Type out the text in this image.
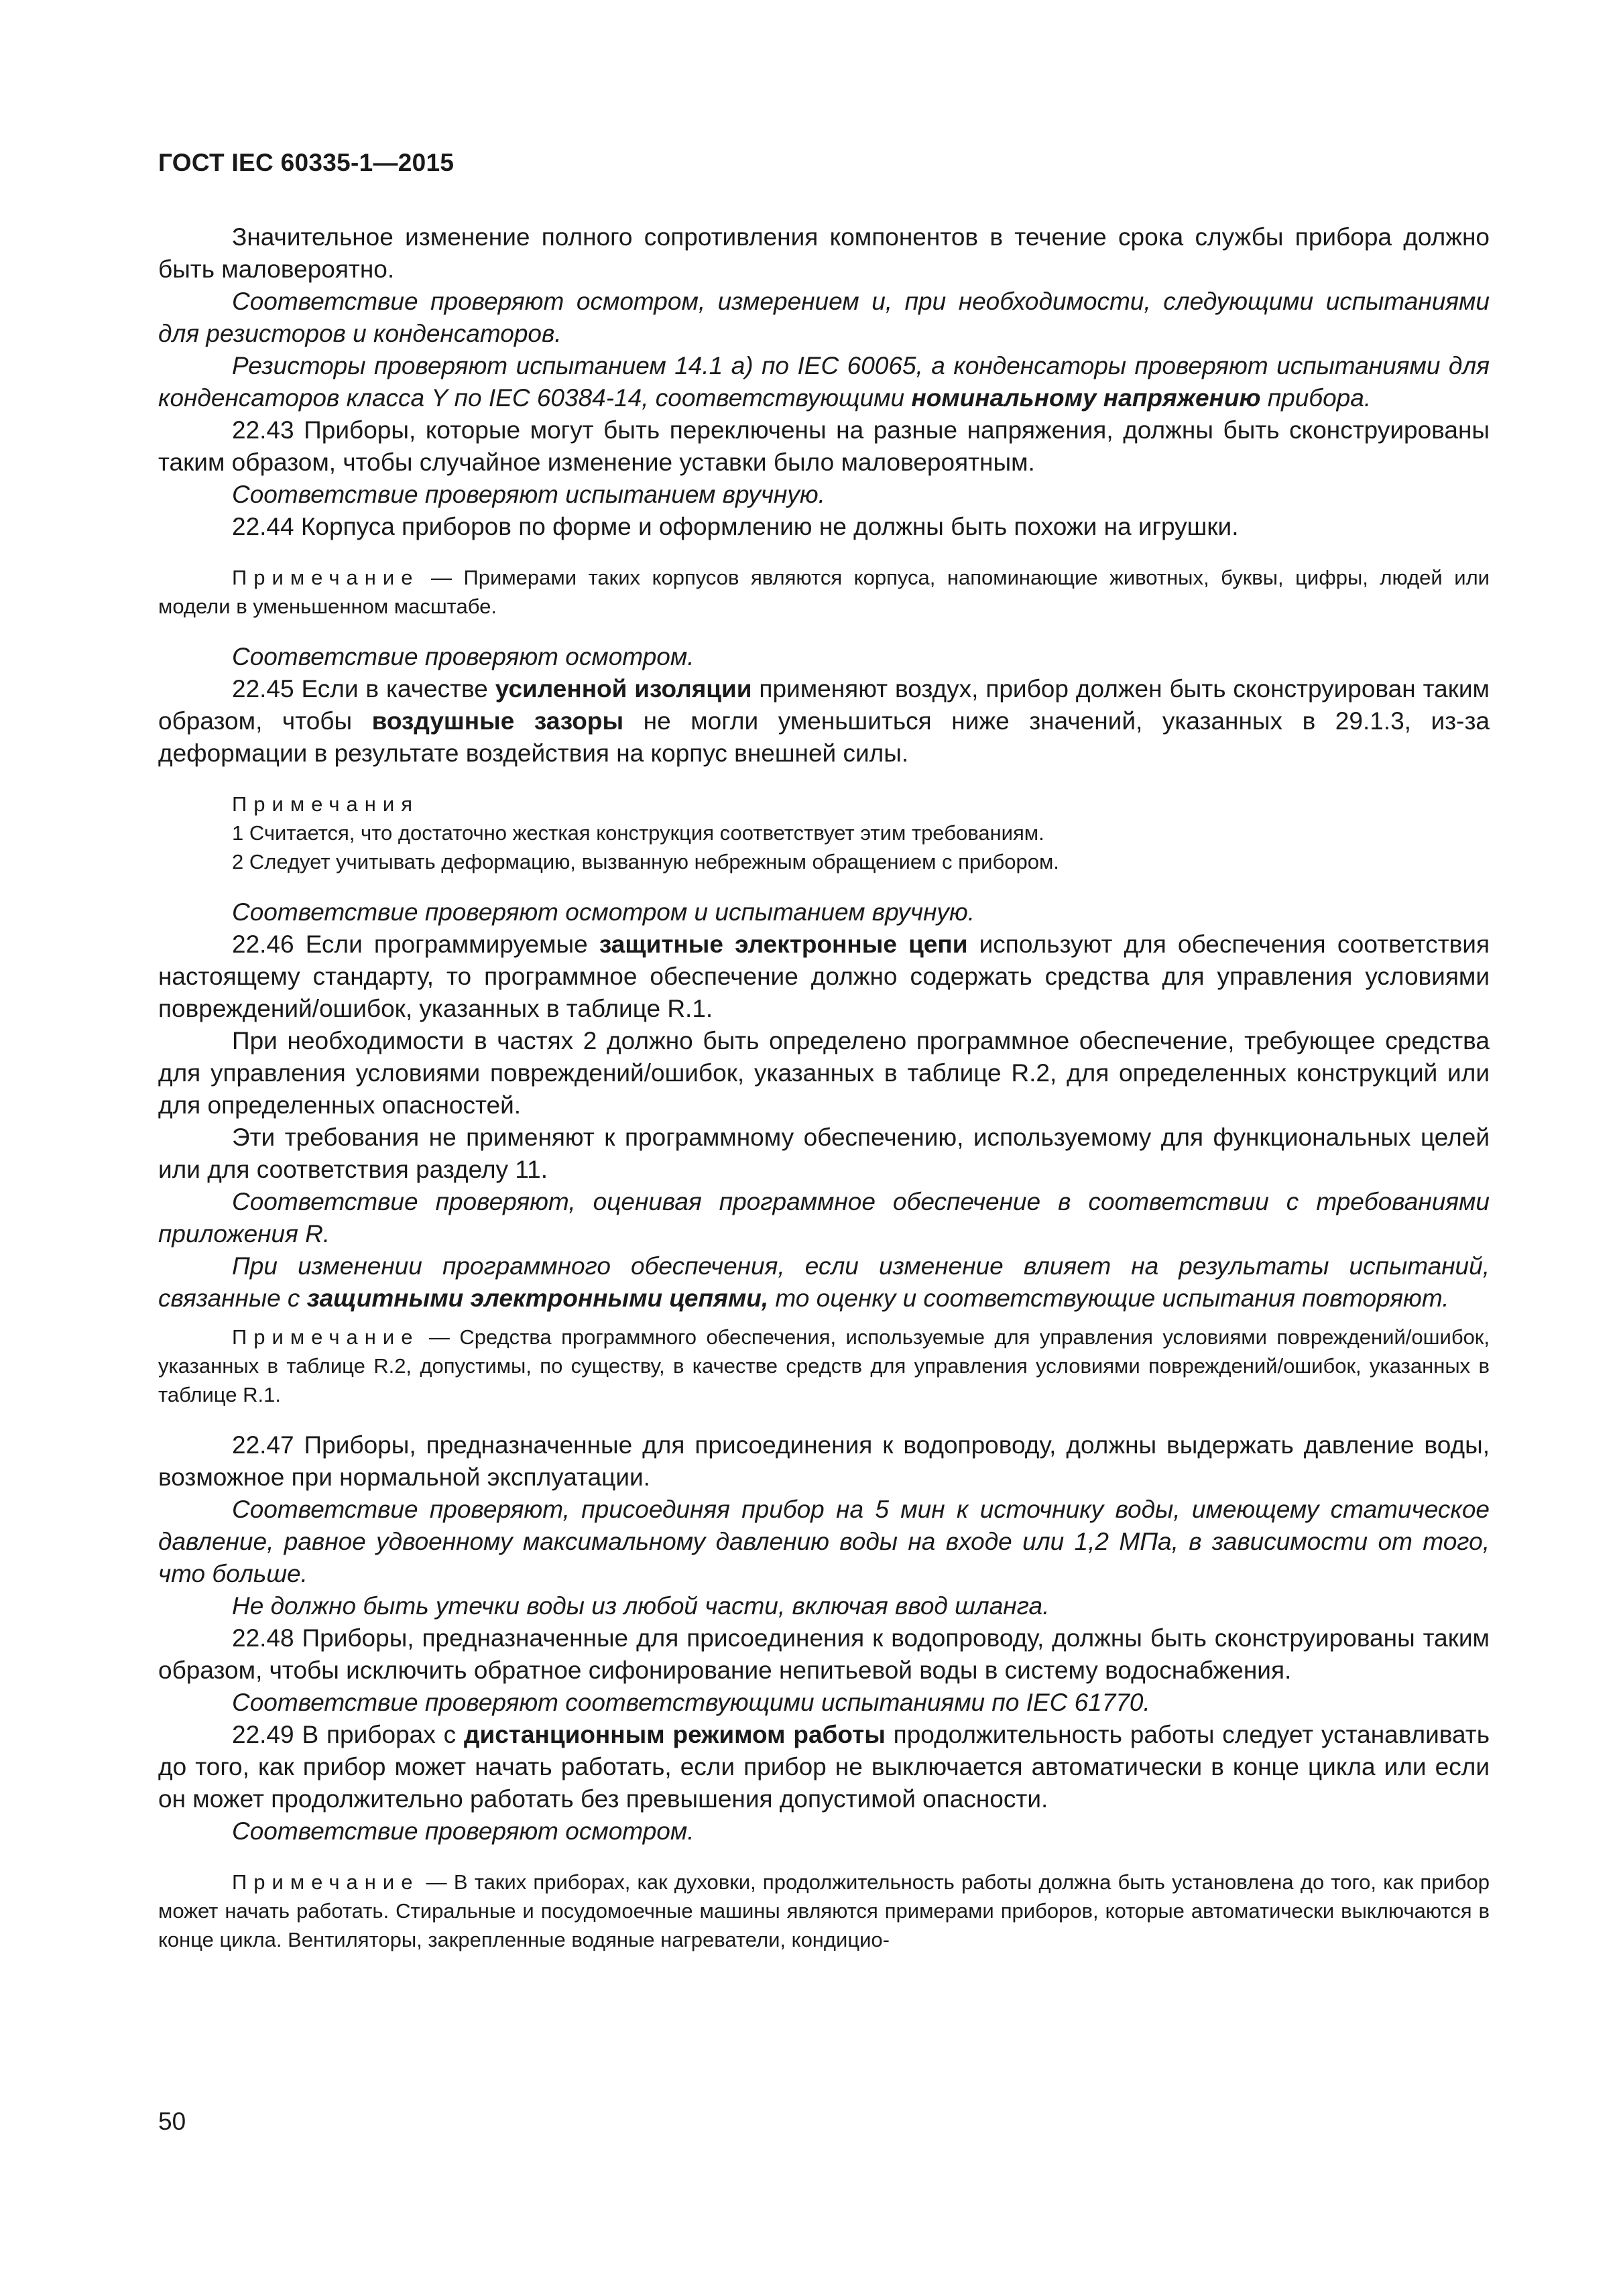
ГОСТ IEC 60335-1—2015

Значительное изменение полного сопротивления компонентов в течение срока службы прибора должно быть маловероятно.

Соответствие проверяют осмотром, измерением и, при необходимости, следующими испытаниями для резисторов и конденсаторов.

Резисторы проверяют испытанием 14.1 а) по IEC 60065, а конденсаторы проверяют испытаниями для конденсаторов класса Y по IEC 60384-14, соответствующими номинальному напряжению прибора.

22.43 Приборы, которые могут быть переключены на разные напряжения, должны быть сконструированы таким образом, чтобы случайное изменение уставки было маловероятным.

Соответствие проверяют испытанием вручную.

22.44 Корпуса приборов по форме и оформлению не должны быть похожи на игрушки.

Примечание — Примерами таких корпусов являются корпуса, напоминающие животных, буквы, цифры, людей или модели в уменьшенном масштабе.

Соответствие проверяют осмотром.

22.45 Если в качестве усиленной изоляции применяют воздух, прибор должен быть сконструирован таким образом, чтобы воздушные зазоры не могли уменьшиться ниже значений, указанных в 29.1.3, из-за деформации в результате воздействия на корпус внешней силы.

Примечания

1 Считается, что достаточно жесткая конструкция соответствует этим требованиям.

2 Следует учитывать деформацию, вызванную небрежным обращением с прибором.

Соответствие проверяют осмотром и испытанием вручную.

22.46 Если программируемые защитные электронные цепи используют для обеспечения соответствия настоящему стандарту, то программное обеспечение должно содержать средства для управления условиями повреждений/ошибок, указанных в таблице R.1.

При необходимости в частях 2 должно быть определено программное обеспечение, требующее средства для управления условиями повреждений/ошибок, указанных в таблице R.2, для определенных конструкций или для определенных опасностей.

Эти требования не применяют к программному обеспечению, используемому для функциональных целей или для соответствия разделу 11.

Соответствие проверяют, оценивая программное обеспечение в соответствии с требованиями приложения R.

При изменении программного обеспечения, если изменение влияет на результаты испытаний, связанные с защитными электронными цепями, то оценку и соответствующие испытания повторяют.

Примечание — Средства программного обеспечения, используемые для управления условиями повреждений/ошибок, указанных в таблице R.2, допустимы, по существу, в качестве средств для управления условиями повреждений/ошибок, указанных в таблице R.1.

22.47 Приборы, предназначенные для присоединения к водопроводу, должны выдержать давление воды, возможное при нормальной эксплуатации.

Соответствие проверяют, присоединяя прибор на 5 мин к источнику воды, имеющему статическое давление, равное удвоенному максимальному давлению воды на входе или 1,2 МПа, в зависимости от того, что больше.

Не должно быть утечки воды из любой части, включая ввод шланга.

22.48 Приборы, предназначенные для присоединения к водопроводу, должны быть сконструированы таким образом, чтобы исключить обратное сифонирование непитьевой воды в систему водоснабжения.

Соответствие проверяют соответствующими испытаниями по IEC 61770.

22.49 В приборах с дистанционным режимом работы продолжительность работы следует устанавливать до того, как прибор может начать работать, если прибор не выключается автоматически в конце цикла или если он может продолжительно работать без превышения допустимой опасности.

Соответствие проверяют осмотром.

Примечание — В таких приборах, как духовки, продолжительность работы должна быть установлена до того, как прибор может начать работать. Стиральные и посудомоечные машины являются примерами приборов, которые автоматически выключаются в конце цикла. Вентиляторы, закрепленные водяные нагреватели, кондицио-

50
